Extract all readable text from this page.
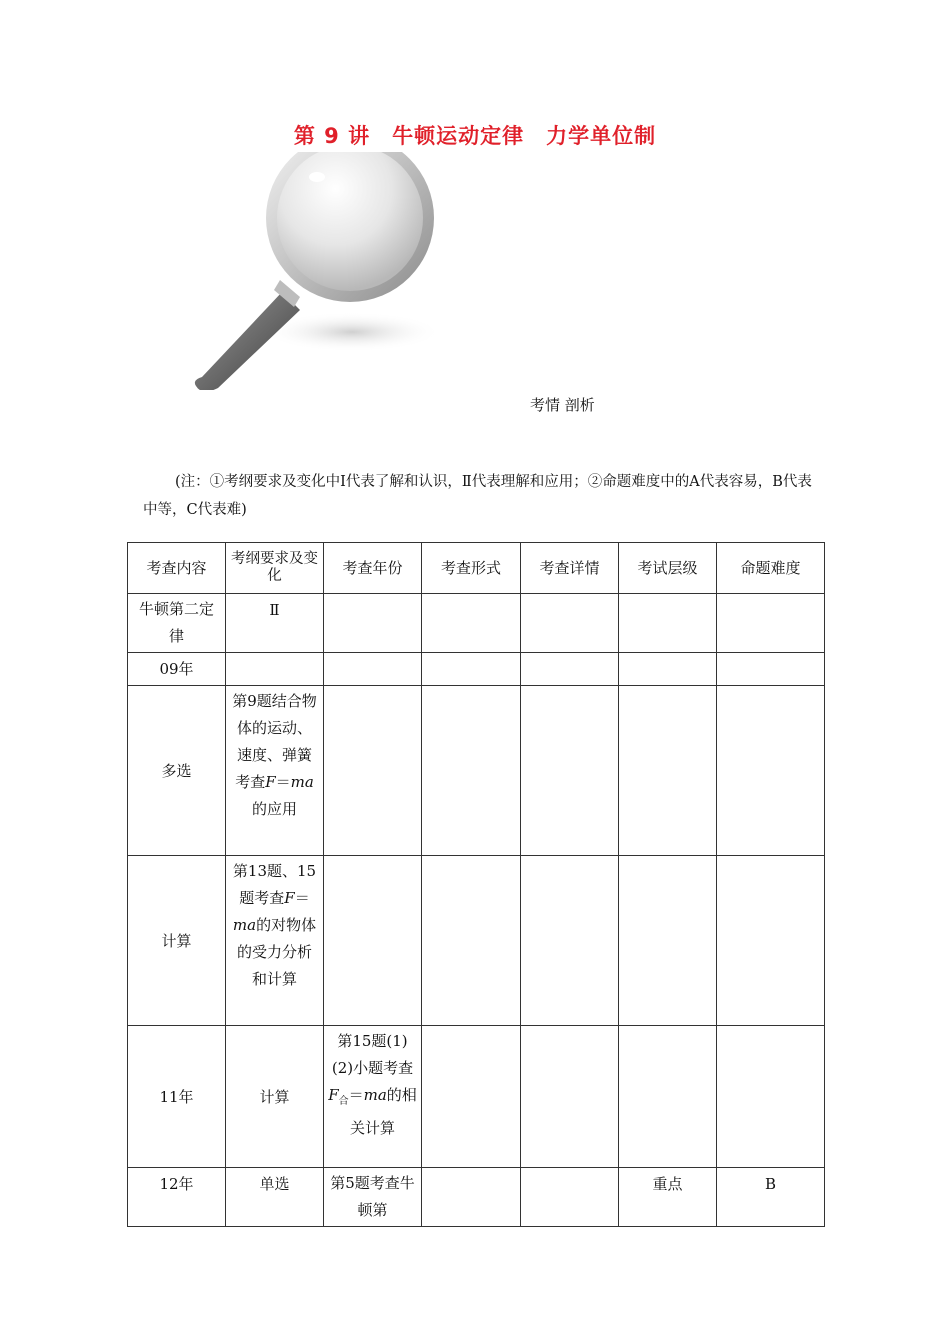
第 9 讲　牛顿运动定律　力学单位制
考情 剖析
(注：①考纲要求及变化中Ⅰ代表了解和认识，Ⅱ代表理解和应用；②命题难度中的A代表容易，B代表中等，C代表难)
考查内容	考纲要求及变化	考查年份	考查形式	考查详情	考试层级	命题难度
牛顿第二定律	Ⅱ					
09年						
多选	第9题结合物体的运动、速度、弹簧考查F＝ma的应用					
计算	第13题、15题考查F＝ma的对物体的受力分析和计算					
11年	计算	第15题(1)(2)小题考查$F_合=ma$的相关计算				
12年	单选	第5题考查牛顿第			重点	B
